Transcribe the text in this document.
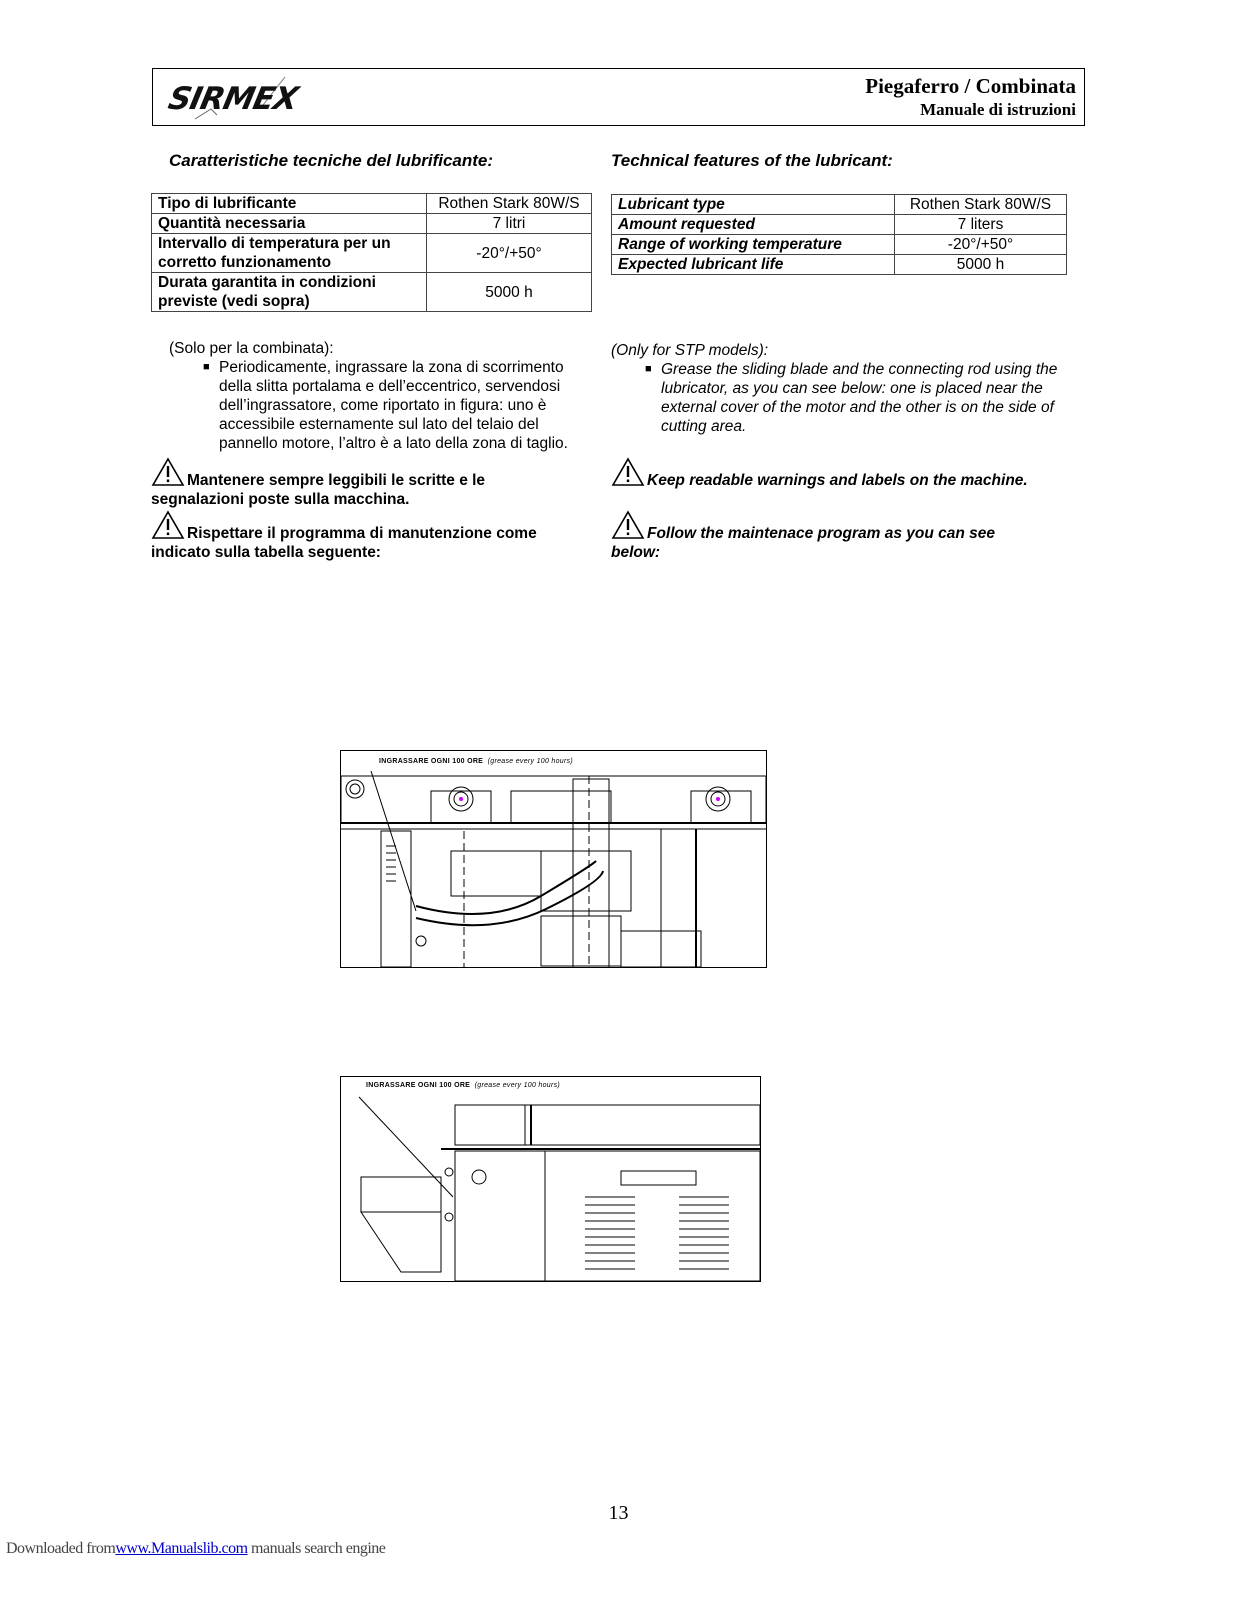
SIRMEX	Piegaferro / Combinata
Manuale di istruzioni
Caratteristiche tecniche del lubrificante:
Tipo di lubrificante	Rothen Stark 80W/S
Quantità necessaria	7 litri
Intervallo di temperatura per un corretto funzionamento	-20°/+50°
Durata garantita in condizioni previste (vedi sopra)	5000 h
(Solo per la combinata):
■ Periodicamente, ingrassare la zona di scorrimento della slitta portalama e dell’eccentrico, servendosi dell’ingrassatore, come riportato in figura: uno è accessibile esternamente sul lato del telaio del pannello motore, l’altro è a lato della zona di taglio.
Mantenere sempre leggibili le scritte e le segnalazioni poste sulla macchina.
Rispettare il programma di manutenzione come indicato sulla tabella seguente:
Technical features of the lubricant:
Lubricant type	Rothen Stark 80W/S
Amount requested	7 liters
Range of working temperature	-20°/+50°
Expected lubricant life	5000 h
(Only for STP models):
■ Grease the sliding blade and the connecting rod using the lubricator, as you can see below: one is placed near the external cover of the motor and the other is on the side of cutting area.
Keep readable warnings and labels on the machine.
Follow the maintenace program as you can see below:
INGRASSARE OGNI 100 ORE (grease every 100 hours)
INGRASSARE OGNI 100 ORE (grease every 100 hours)
13
Downloaded fromwww.Manualslib.com manuals search engine
